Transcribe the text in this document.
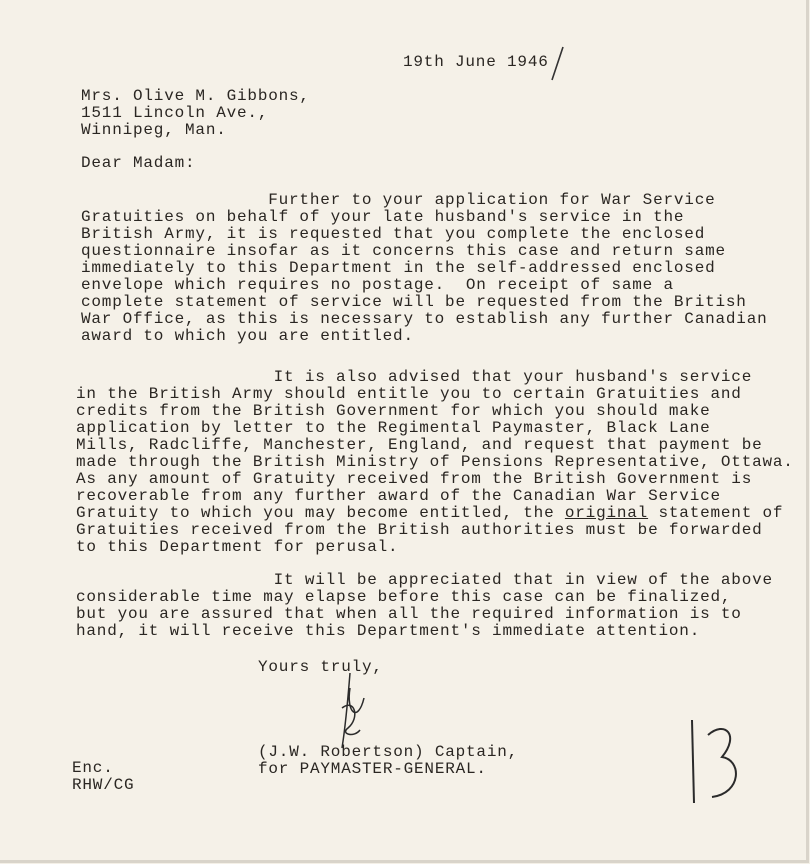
19th June 1946
Mrs. Olive M. Gibbons,
1511 Lincoln Ave.,
Winnipeg, Man.
Dear Madam:
Further to your application for War Service
Gratuities on behalf of your late husband's service in the
British Army, it is requested that you complete the enclosed
questionnaire insofar as it concerns this case and return same
immediately to this Department in the self-addressed enclosed
envelope which requires no postage.  On receipt of same a
complete statement of service will be requested from the British
War Office, as this is necessary to establish any further Canadian
award to which you are entitled.
It is also advised that your husband's service
in the British Army should entitle you to certain Gratuities and
credits from the British Government for which you should make
application by letter to the Regimental Paymaster, Black Lane
Mills, Radcliffe, Manchester, England, and request that payment be
made through the British Ministry of Pensions Representative, Ottawa.
As any amount of Gratuity received from the British Government is
recoverable from any further award of the Canadian War Service
Gratuity to which you may become entitled, the original statement of
Gratuities received from the British authorities must be forwarded
to this Department for perusal.
It will be appreciated that in view of the above
considerable time may elapse before this case can be finalized,
but you are assured that when all the required information is to
hand, it will receive this Department's immediate attention.
Yours truly,
(J.W. Robertson) Captain,
for PAYMASTER-GENERAL.
Enc.
RHW/CG
